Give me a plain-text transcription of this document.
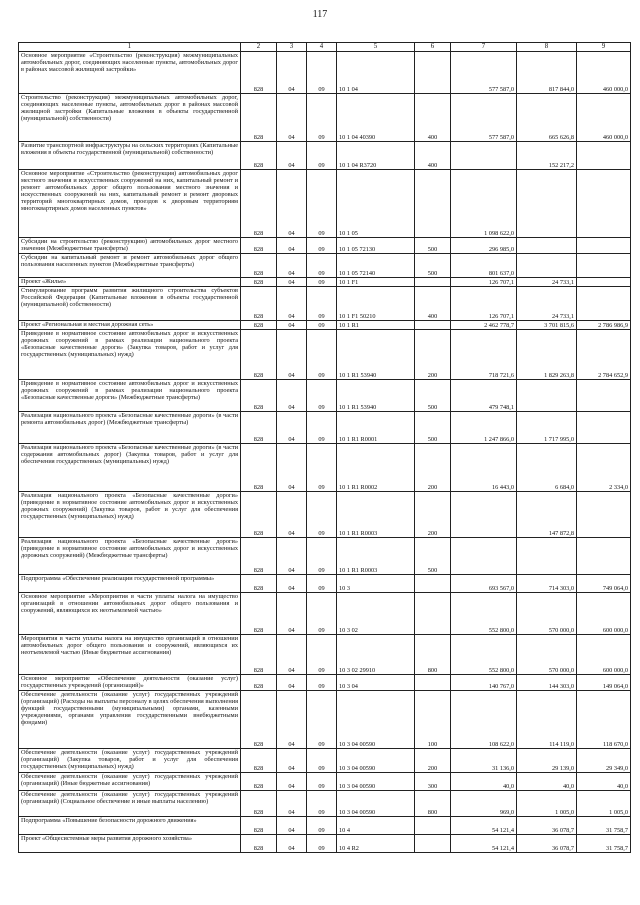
117
1	2	3	4	5	6	7	8	9
Основное мероприятие «Строительство (реконструкция) межмуниципальных автомобильных дорог, соединяющих населенные пункты, автомобильных дорог в районах массовой жилищной застройки»	828	04	09	10 1 04		577 587,0	817 844,0	460 000,0
Строительство (реконструкция) межмуниципальных автомобильных дорог, соединяющих населенные пункты, автомобильных дорог в районах массовой жилищной застройки (Капитальные вложения в объекты государственной (муниципальной) собственности)	828	04	09	10 1 04 40390	400	577 587,0	665 626,8	460 000,0
Развитие транспортной инфраструктуры на сельских территориях (Капитальные вложения в объекты государственной (муниципальной) собственности)	828	04	09	10 1 04 R3720	400		152 217,2	
Основное мероприятие «Строительство (реконструкция) автомобильных дорог местного значения и искусственных сооружений на них, капитальный ремонт и ремонт автомобильных дорог общего пользования местного значения и искусственных сооружений на них, капитальный ремонт и ремонт дворовых территорий многоквартирных домов, проездов к дворовым территориям многоквартирных домов населенных пунктов»	828	04	09	10 1 05		1 098 622,0		
Субсидии на строительство (реконструкцию) автомобильных дорог местного значения (Межбюджетные трансферты)	828	04	09	10 1 05 72130	500	296 985,0		
Субсидии на капитальный ремонт и ремонт автомобильных дорог общего пользования населенных пунктов (Межбюджетные трансферты)	828	04	09	10 1 05 72140	500	801 637,0		
Проект «Жилье»	828	04	09	10 1 F1		126 707,1	24 733,1	
Стимулирование программ развития жилищного строительства субъектов Российской Федерации (Капитальные вложения в объекты государственной (муниципальной) собственности)	828	04	09	10 1 F1 50210	400	126 707,1	24 733,1	
Проект «Региональная и местная дорожная сеть»	828	04	09	10 1 R1		2 462 778,7	3 701 815,6	2 786 986,9
Приведение в нормативное состояние автомобильных дорог и искусственных дорожных сооружений в рамках реализации национального проекта «Безопасные качественные дороги» (Закупка товаров, работ и услуг для государственных (муниципальных) нужд)	828	04	09	10 1 R1 53940	200	718 721,6	1 829 263,8	2 784 652,9
Приведение в нормативное состояние автомобильных дорог и искусственных дорожных сооружений в рамках реализации национального проекта «Безопасные качественные дороги» (Межбюджетные трансферты)	828	04	09	10 1 R1 53940	500	479 748,1		
Реализация национального проекта «Безопасные качественные дороги» (в части ремонта автомобильных дорог) (Межбюджетные трансферты)	828	04	09	10 1 R1 R0001	500	1 247 866,0	1 717 995,0	
Реализация национального проекта «Безопасные качественные дороги» (в части содержания автомобильных дорог) (Закупка товаров, работ и услуг для обеспечения государственных (муниципальных) нужд)	828	04	09	10 1 R1 R0002	200	16 443,0	6 684,0	2 334,0
Реализация национального проекта «Безопасные качественные дороги» (приведение в нормативное состояние автомобильных дорог и искусственных дорожных сооружений) (Закупка товаров, работ и услуг для обеспечения государственных (муниципальных) нужд)	828	04	09	10 1 R1 R0003	200		147 872,8	
Реализация национального проекта «Безопасные качественные дороги» (приведение в нормативное состояние автомобильных дорог и искусственных дорожных сооружений) (Межбюджетные трансферты)	828	04	09	10 1 R1 R0003	500			
Подпрограмма «Обеспечение реализации государственной программы»	828	04	09	10 3		693 567,0	714 303,0	749 064,0
Основное мероприятие «Мероприятия в части уплаты налога на имущество организаций в отношении автомобильных дорог общего пользования и сооружений, являющихся их неотъемлемой частью»	828	04	09	10 3 02		552 800,0	570 000,0	600 000,0
Мероприятия в части уплаты налога на имущество организаций в отношении автомобильных дорог общего пользования и сооружений, являющихся их неотъемлемой частью (Иные бюджетные ассигнования)	828	04	09	10 3 02 29910	800	552 800,0	570 000,0	600 000,0
Основное мероприятие «Обеспечение деятельности (оказание услуг) государственных учреждений (организаций)»	828	04	09	10 3 04		140 767,0	144 303,0	149 064,0
Обеспечение деятельности (оказание услуг) государственных учреждений (организаций) (Расходы на выплаты персоналу в целях обеспечения выполнения функций государственными (муниципальными) органами, казенными учреждениями, органами управления государственными внебюджетными фондами)	828	04	09	10 3 04 00590	100	108 622,0	114 119,0	118 670,0
Обеспечение деятельности (оказание услуг) государственных учреждений (организаций) (Закупка товаров, работ и услуг для обеспечения государственных (муниципальных) нужд)	828	04	09	10 3 04 00590	200	31 136,0	29 139,0	29 349,0
Обеспечение деятельности (оказание услуг) государственных учреждений (организаций) (Иные бюджетные ассигнования)	828	04	09	10 3 04 00590	300	40,0	40,0	40,0
Обеспечение деятельности (оказание услуг) государственных учреждений (организаций) (Социальное обеспечение и иные выплаты населению)	828	04	09	10 3 04 00590	800	969,0	1 005,0	1 005,0
Подпрограмма «Повышение безопасности дорожного движения»	828	04	09	10 4		54 121,4	36 078,7	31 758,7
Проект «Общесистемные меры развития дорожного хозяйства»	828	04	09	10 4 R2		54 121,4	36 078,7	31 758,7
